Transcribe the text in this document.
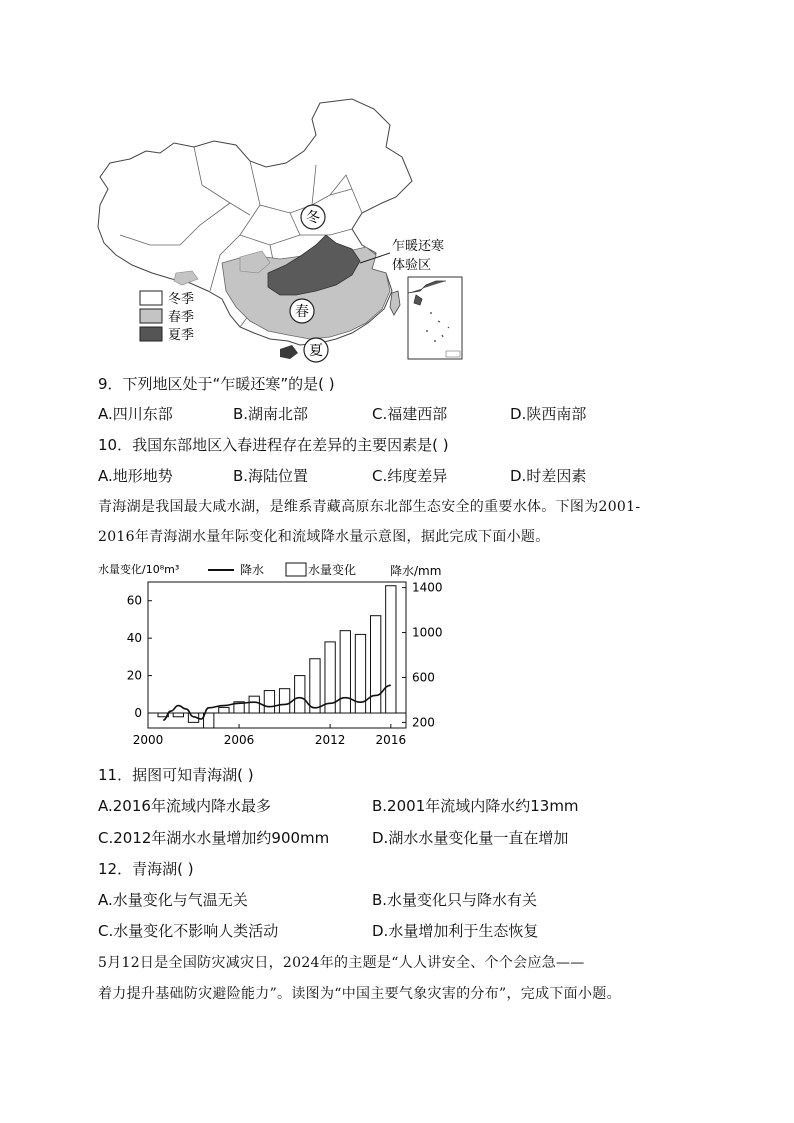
冬
春
夏
乍暖还寒
体验区
冬季
春季
夏季
9．下列地区处于“乍暖还寒”的是( )
A.四川东部	B.湖南北部	C.福建西部	D.陕西南部
10．我国东部地区入春进程存在差异的主要因素是( )
A.地形地势	B.海陆位置	C.纬度差异	D.时差因素
青海湖是我国最大咸水湖，是维系青藏高原东北部生态安全的重要水体。下图为2001-
2016年青海湖水量年际变化和流域降水量示意图，据此完成下面小题。
水量变化/10⁸m³	降水	水量变化	降水/mm
0
20
40
60
200
600
1000
1400
2000	2006	2012	2016
11．据图可知青海湖( )
A.2016年流域内降水最多	B.2001年流域内降水约13mm
C.2012年湖水水量增加约900mm	D.湖水水量变化量一直在增加
12．青海湖( )
A.水量变化与气温无关	B.水量变化只与降水有关
C.水量变化不影响人类活动	D.水量增加利于生态恢复
5月12日是全国防灾减灾日，2024年的主题是“人人讲安全、个个会应急——
着力提升基础防灾避险能力”。读图为“中国主要气象灾害的分布”，完成下面小题。
